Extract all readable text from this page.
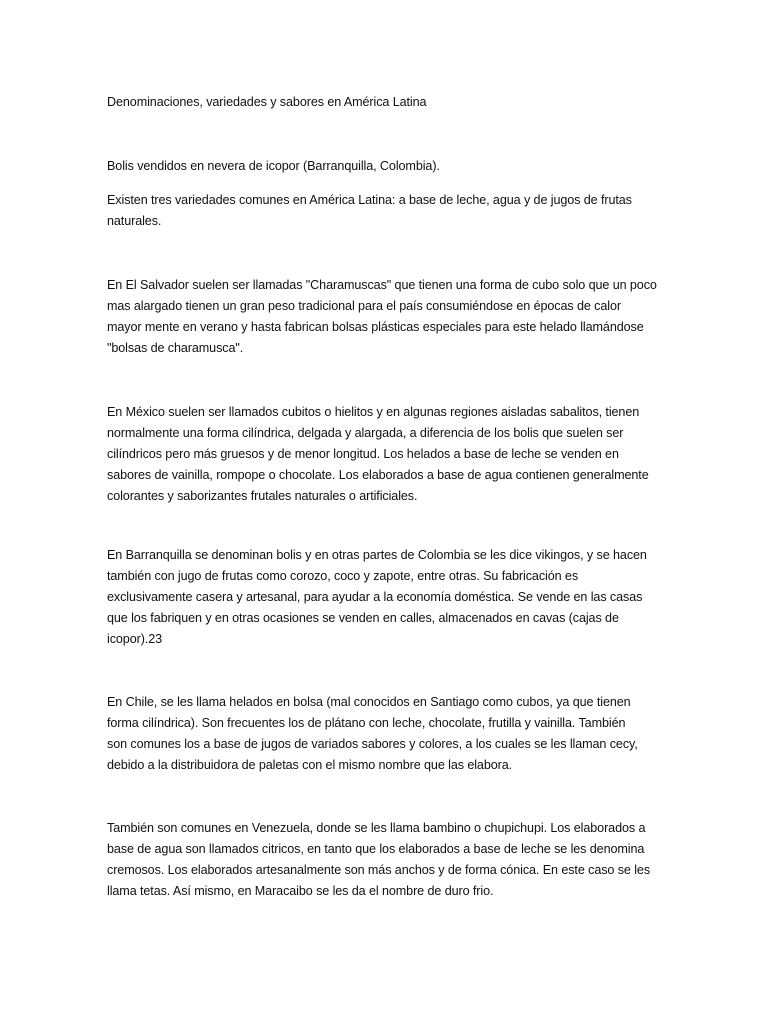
Denominaciones, variedades y sabores en América Latina

Bolis vendidos en nevera de icopor (Barranquilla, Colombia).

Existen tres variedades comunes en América Latina: a base de leche, agua y de jugos de frutas
naturales.

En El Salvador suelen ser llamadas "Charamuscas" que tienen una forma de cubo solo que un poco
mas alargado tienen un gran peso tradicional para el país consumiéndose en épocas de calor
mayor mente en verano y hasta fabrican bolsas plásticas especiales para este helado llamándose
"bolsas de charamusca".

En México suelen ser llamados cubitos o hielitos y en algunas regiones aisladas sabalitos, tienen
normalmente una forma cilíndrica, delgada y alargada, a diferencia de los bolis que suelen ser
cilíndricos pero más gruesos y de menor longitud. Los helados a base de leche se venden en
sabores de vainilla, rompope o chocolate. Los elaborados a base de agua contienen generalmente
colorantes y saborizantes frutales naturales o artificiales.

En Barranquilla se denominan bolis y en otras partes de Colombia se les dice vikingos, y se hacen
también con jugo de frutas como corozo, coco y zapote, entre otras. Su fabricación es
exclusivamente casera y artesanal, para ayudar a la economía doméstica. Se vende en las casas
que los fabriquen y en otras ocasiones se venden en calles, almacenados en cavas (cajas de
icopor).23

En Chile, se les llama helados en bolsa (mal conocidos en Santiago como cubos, ya que tienen
forma cilíndrica). Son frecuentes los de plátano con leche, chocolate, frutilla y vainilla. También
son comunes los a base de jugos de variados sabores y colores, a los cuales se les llaman cecy,
debido a la distribuidora de paletas con el mismo nombre que las elabora.

También son comunes en Venezuela, donde se les llama bambino o chupichupi. Los elaborados a
base de agua son llamados citricos, en tanto que los elaborados a base de leche se les denomina
cremosos. Los elaborados artesanalmente son más anchos y de forma cónica. En este caso se les
llama tetas. Así mismo, en Maracaibo se les da el nombre de duro frio.
